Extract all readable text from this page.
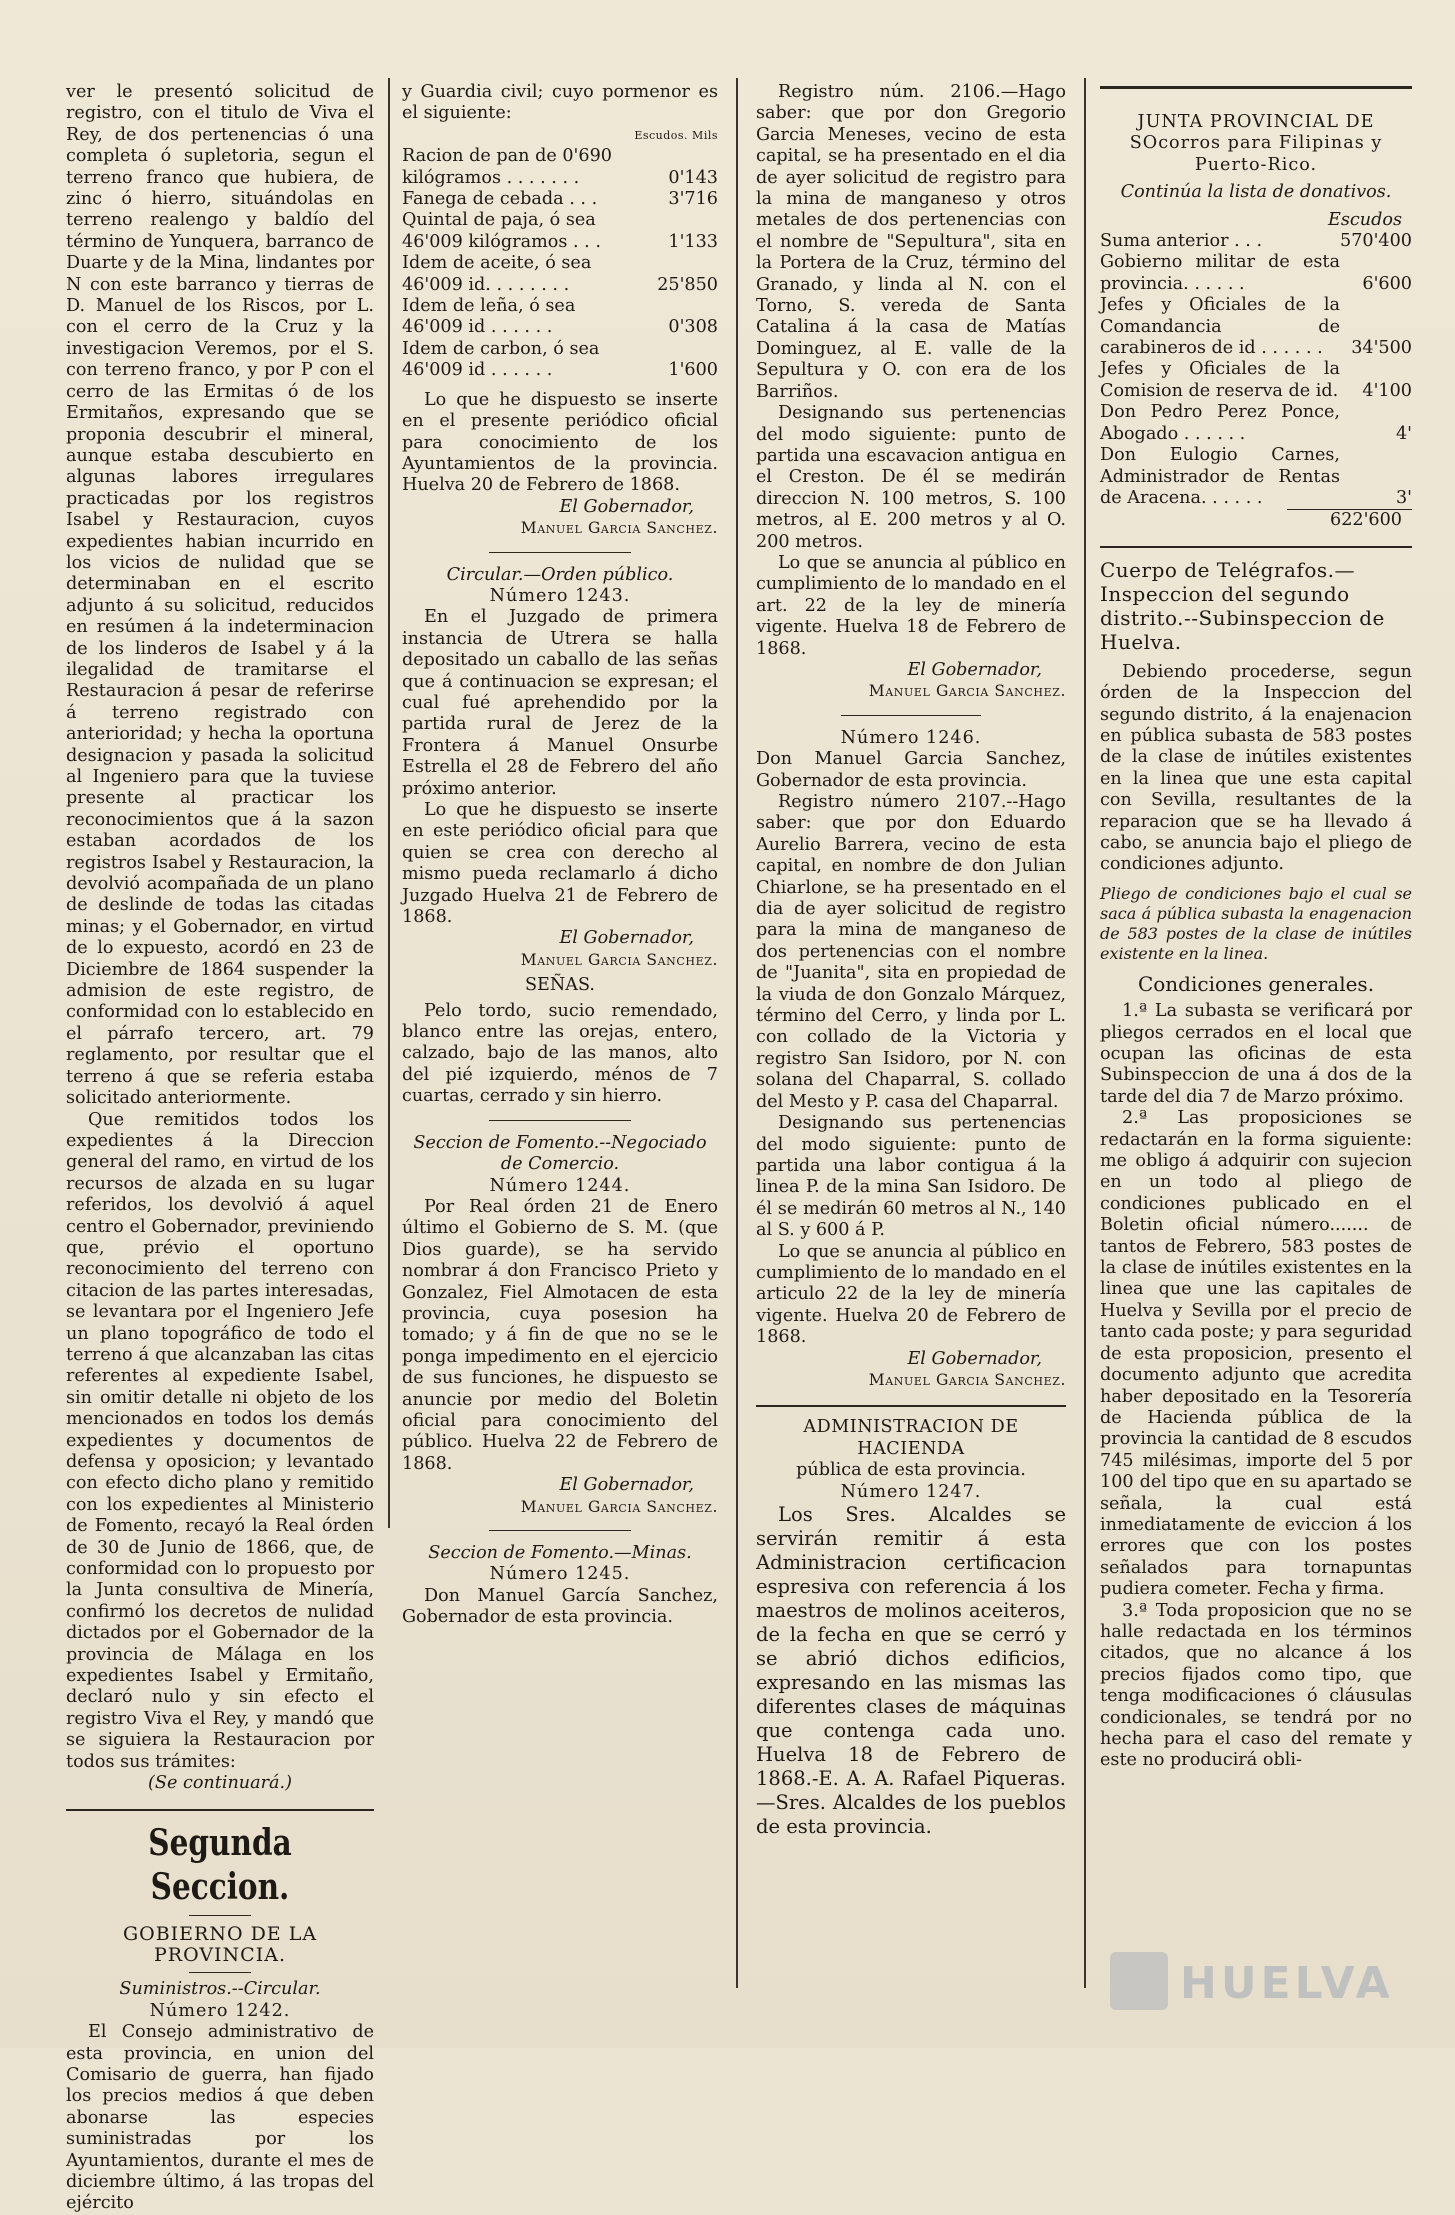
ver le presentó solicitud de registro, con el titulo de Viva el Rey, de dos pertenencias ó una completa ó supletoria, segun el terreno franco que hubiera, de zinc ó hierro, situándolas en terreno realengo y baldío del término de Yunquera, barranco de Duarte y de la Mina, lindantes por N con este barranco y tierras de D. Manuel de los Riscos, por L. con el cerro de la Cruz y la investigacion Veremos, por el S. con terreno franco, y por P con el cerro de las Ermitas ó de los Ermitaños, expresando que se proponia descubrir el mineral, aunque estaba descubierto en algunas labores irregulares practicadas por los registros Isabel y Restauracion, cuyos expedientes habian incurrido en los vicios de nulidad que se determinaban en el escrito adjunto á su solicitud, reducidos en resúmen á la indeterminacion de los linderos de Isabel y á la ilegalidad de tramitarse el Restauracion á pesar de referirse á terreno registrado con anterioridad; y hecha la oportuna designacion y pasada la solicitud al Ingeniero para que la tuviese presente al practicar los reconocimientos que á la sazon estaban acordados de los registros Isabel y Restauracion, la devolvió acompañada de un plano de deslinde de todas las citadas minas; y el Gobernador, en virtud de lo expuesto, acordó en 23 de Diciembre de 1864 suspender la admision de este registro, de conformidad con lo establecido en el párrafo tercero, art. 79 reglamento, por resultar que el terreno á que se referia estaba solicitado anteriormente.

Que remitidos todos los expedientes á la Direccion general del ramo, en virtud de los recursos de alzada en su lugar referidos, los devolvió á aquel centro el Gobernador, previniendo que, prévio el oportuno reconocimiento del terreno con citacion de las partes interesadas, se levantara por el Ingeniero Jefe un plano topográfico de todo el terreno á que alcanzaban las citas referentes al expediente Isabel, sin omitir detalle ni objeto de los mencionados en todos los demás expedientes y documentos de defensa y oposicion; y levantado con efecto dicho plano y remitido con los expedientes al Ministerio de Fomento, recayó la Real órden de 30 de Junio de 1866, que, de conformidad con lo propuesto por la Junta consultiva de Minería, confirmó los decretos de nulidad dictados por el Gobernador de la provincia de Málaga en los expedientes Isabel y Ermitaño, declaró nulo y sin efecto el registro Viva el Rey, y mandó que se siguiera la Restauracion por todos sus trámites:

(Se continuará.)

Segunda Seccion.
GOBIERNO DE LA PROVINCIA.

Suministros.--Circular.

Número 1242.

El Consejo administrativo de esta provincia, en union del Comisario de guerra, han fijado los precios medios á que deben abonarse las especies suministradas por los Ayuntamientos, durante el mes de diciembre último, á las tropas del ejército

y Guardia civil; cuyo pormenor es el siguiente:

Escudos. Mils
Racion de pan de 0'690	
kilógramos . . . . . . .	0'143
Fanega de cebada . . .	3'716
Quintal de paja, ó sea	
46'009 kilógramos . . .	1'133
Idem de aceite, ó sea	
46'009 id. . . . . . . .	25'850
Idem de leña, ó sea	
46'009 id . . . . . .	0'308
Idem de carbon, ó sea	
46'009 id . . . . . .	1'600

Lo que he dispuesto se inserte en el presente periódico oficial para conocimiento de los Ayuntamientos de la provincia. Huelva 20 de Febrero de 1868.

El Gobernador,

Manuel Garcia Sanchez.

Circular.—Orden público.

Número 1243.

En el Juzgado de primera instancia de Utrera se halla depositado un caballo de las señas que á continuacion se expresan; el cual fué aprehendido por la partida rural de Jerez de la Frontera á Manuel Onsurbe Estrella el 28 de Febrero del año próximo anterior.

Lo que he dispuesto se inserte en este periódico oficial para que quien se crea con derecho al mismo pueda reclamarlo á dicho Juzgado Huelva 21 de Febrero de 1868.

El Gobernador,

Manuel Garcia Sanchez.

SEÑAS.

Pelo tordo, sucio remendado, blanco entre las orejas, entero, calzado, bajo de las manos, alto del pié izquierdo, ménos de 7 cuartas, cerrado y sin hierro.

Seccion de Fomento.--Negociado de Comercio.

Número 1244.

Por Real órden 21 de Enero último el Gobierno de S. M. (que Dios guarde), se ha servido nombrar á don Francisco Prieto y Gonzalez, Fiel Almotacen de esta provincia, cuya posesion ha tomado; y á fin de que no se le ponga impedimento en el ejercicio de sus funciones, he dispuesto se anuncie por medio del Boletin oficial para conocimiento del público. Huelva 22 de Febrero de 1868.

El Gobernador,

Manuel Garcia Sanchez.

Seccion de Fomento.—Minas.

Número 1245.

Don Manuel García Sanchez, Gobernador de esta provincia.

Registro núm. 2106.—Hago saber: que por don Gregorio Garcia Meneses, vecino de esta capital, se ha presentado en el dia de ayer solicitud de registro para la mina de manganeso y otros metales de dos pertenencias con el nombre de "Sepultura", sita en la Portera de la Cruz, término del Granado, y linda al N. con el Torno, S. vereda de Santa Catalina á la casa de Matías Dominguez, al E. valle de la Sepultura y O. con era de los Barriños.

Designando sus pertenencias del modo siguiente: punto de partida una escavacion antigua en el Creston. De él se medirán direccion N. 100 metros, S. 100 metros, al E. 200 metros y al O. 200 metros.

Lo que se anuncia al público en cumplimiento de lo mandado en el art. 22 de la ley de minería vigente. Huelva 18 de Febrero de 1868.

El Gobernador,

Manuel Garcia Sanchez.

Número 1246.

Don Manuel Garcia Sanchez, Gobernador de esta provincia.

Registro número 2107.--Hago saber: que por don Eduardo Aurelio Barrera, vecino de esta capital, en nombre de don Julian Chiarlone, se ha presentado en el dia de ayer solicitud de registro para la mina de manganeso de dos pertenencias con el nombre de "Juanita", sita en propiedad de la viuda de don Gonzalo Márquez, término del Cerro, y linda por L. con collado de la Victoria y registro San Isidoro, por N. con solana del Chaparral, S. collado del Mesto y P. casa del Chaparral.

Designando sus pertenencias del modo siguiente: punto de partida una labor contigua á la linea P. de la mina San Isidoro. De él se medirán 60 metros al N., 140 al S. y 600 á P.

Lo que se anuncia al público en cumplimiento de lo mandado en el articulo 22 de la ley de minería vigente. Huelva 20 de Febrero de 1868.

El Gobernador,

Manuel Garcia Sanchez.

ADMINISTRACION DE HACIENDA

pública de esta provincia.

Número 1247.

Los Sres. Alcaldes se servirán remitir á esta Administracion certificacion espresiva con referencia á los maestros de molinos aceiteros, de la fecha en que se cerró y se abrió dichos edificios, expresando en las mismas las diferentes clases de máquinas que contenga cada uno. Huelva 18 de Febrero de 1868.-E. A. A. Rafael Piqueras.—Sres. Alcaldes de los pueblos de esta provincia.

JUNTA PROVINCIAL DE SOcorros para Filipinas y Puerto-Rico.

Continúa la lista de donativos.

Escudos

Suma anterior . . .	570'400
Gobierno militar de esta provincia. . . . . .	6'600
Jefes y Oficiales de la Comandancia de carabineros de id . . . . . .	34'500
Jefes y Oficiales de la Comision de reserva de id.	4'100
Don Pedro Perez Ponce, Abogado . . . . . .	4'
Don Eulogio Carnes, Administrador de Rentas de Aracena. . . . . .	3'

622'600

Cuerpo de Telégrafos.—Inspeccion del segundo distrito.--Subinspeccion de Huelva.

Debiendo procederse, segun órden de la Inspeccion del segundo distrito, á la enajenacion en pública subasta de 583 postes de la clase de inútiles existentes en la linea que une esta capital con Sevilla, resultantes de la reparacion que se ha llevado á cabo, se anuncia bajo el pliego de condiciones adjunto.

Pliego de condiciones bajo el cual se saca á pública subasta la enagenacion de 583 postes de la clase de inútiles existente en la linea.

Condiciones generales.

1.ª La subasta se verificará por pliegos cerrados en el local que ocupan las oficinas de esta Subinspeccion de una á dos de la tarde del dia 7 de Marzo próximo.

2.ª Las proposiciones se redactarán en la forma siguiente: me obligo á adquirir con sujecion en un todo al pliego de condiciones publicado en el Boletin oficial número....... de tantos de Febrero, 583 postes de la clase de inútiles existentes en la linea que une las capitales de Huelva y Sevilla por el precio de tanto cada poste; y para seguridad de esta proposicion, presento el documento adjunto que acredita haber depositado en la Tesorería de Hacienda pública de la provincia la cantidad de 8 escudos 745 milésimas, importe del 5 por 100 del tipo que en su apartado se señala, la cual está inmediatamente de eviccion á los errores que con los postes señalados para tornapuntas pudiera cometer. Fecha y firma.

3.ª Toda proposicion que no se halle redactada en los términos citados, que no alcance á los precios fijados como tipo, que tenga modificaciones ó cláusulas condicionales, se tendrá por no hecha para el caso del remate y este no producirá obli-

HUELVA
